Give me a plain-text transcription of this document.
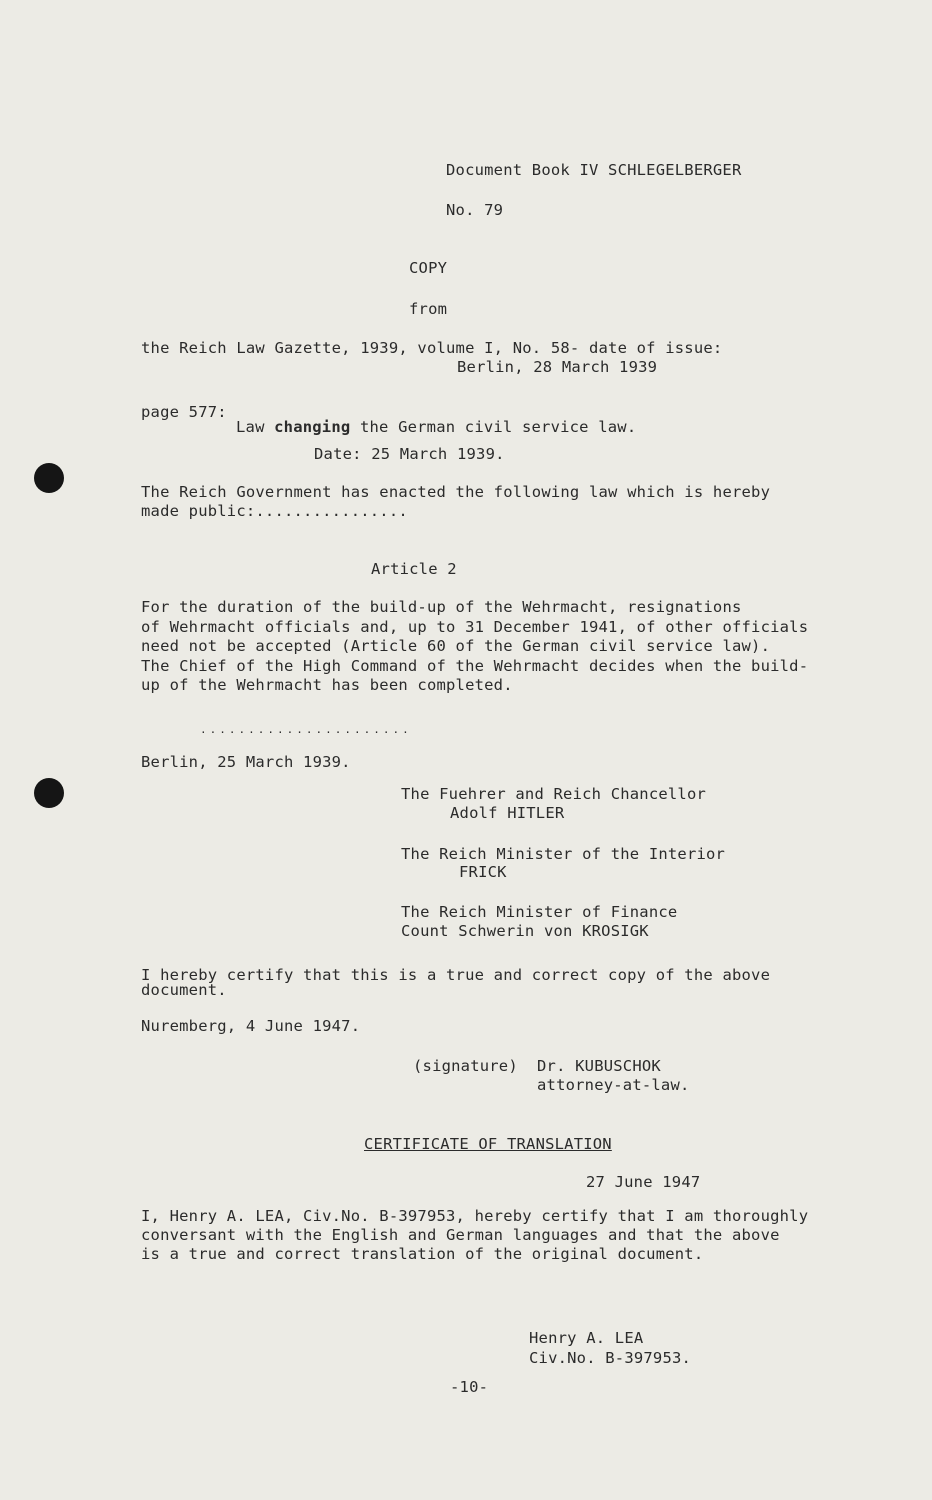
Document Book IV SCHLEGELBERGER
No. 79
COPY
from
the Reich Law Gazette, 1939, volume I, No. 58- date of issue:
Berlin, 28 March 1939
page 577:
Law changing the German civil service law.
Date: 25 March 1939.
The Reich Government has enacted the following law which is hereby
made public:................
Article 2
For the duration of the build-up of the Wehrmacht, resignations
of Wehrmacht officials and, up to 31 December 1941, of other officials
need not be accepted (Article 60 of the German civil service law).
The Chief of the High Command of the Wehrmacht decides when the build-
up of the Wehrmacht has been completed.
......................
Berlin, 25 March 1939.
The Fuehrer and Reich Chancellor
Adolf HITLER
The Reich Minister of the Interior
FRICK
The Reich Minister of Finance
Count Schwerin von KROSIGK
I hereby certify that this is a true and correct copy of the above
document.
Nuremberg, 4 June 1947.
(signature) Dr. KUBUSCHOK
attorney-at-law.
CERTIFICATE OF TRANSLATION
27 June 1947
I, Henry A. LEA, Civ.No. B-397953, hereby certify that I am thoroughly
conversant with the English and German languages and that the above
is a true and correct translation of the original document.
Henry A. LEA
Civ.No. B-397953.
-10-
